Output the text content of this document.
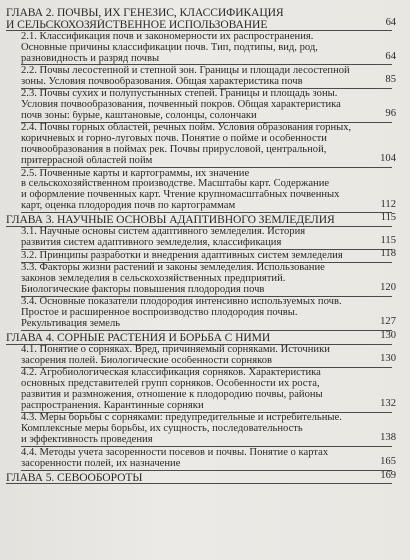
ГЛАВА 2. ПОЧВЫ, ИХ ГЕНЕЗИС, КЛАССИФИКАЦИЯ
И СЕЛЬСКОХОЗЯЙСТВЕННОЕ ИСПОЛЬЗОВАНИЕ	64
2.1. Классификация почв и закономерности их распространения.
Основные причины классификации почв. Тип, подтипы, вид, род,
разновидность и разряд почвы	64
2.2. Почвы лесостепной и степной зон. Границы и площади лесостепной
зоны. Условия почвообразования. Общая характеристика почв	85
2.3. Почвы сухих и полупустынных степей. Границы и площадь зоны.
Условия почвообразования, почвенный покров. Общая характеристика
почв зоны: бурые, каштановые, солонцы, солончаки	96
2.4. Почвы горных областей, речных пойм. Условия образования горных,
коричневых и горно-луговых почв. Понятие о пойме и особенности
почвообразования в поймах рек. Почвы прирусловой, центральной,
притеррасной областей пойм	104
2.5. Почвенные карты и картограммы, их значение
в сельскохозяйственном производстве. Масштабы карт. Содержание
и оформление почвенных карт. Чтение крупномасштабных почвенных
карт, оценка плодородия почв по картограммам	112
ГЛАВА 3. НАУЧНЫЕ ОСНОВЫ АДАПТИВНОГО ЗЕМЛЕДЕЛИЯ	115
3.1. Научные основы систем адаптивного земледелия. История
развития систем адаптивного земледелия, классификация	115
3.2. Принципы разработки и внедрения адаптивных систем земледелия	118
3.3. Факторы жизни растений и законы земледелия. Использование
законов земледелия в сельскохозяйственных предприятий.
Биологические факторы повышения плодородия почв	120
3.4. Основные показатели плодородия интенсивно используемых почв.
Простое и расширенное воспроизводство плодородия почвы.
Рекультивация земель	127
ГЛАВА 4. СОРНЫЕ РАСТЕНИЯ И БОРЬБА С НИМИ	130
4.1. Понятие о сорняках. Вред, причиняемый сорняками. Источники
засорения полей. Биологические особенности сорняков	130
4.2. Агробиологическая классификация сорняков. Характеристика
основных представителей групп сорняков. Особенности их роста,
развития и размножения, отношение к плодородию почвы, районы
распространения. Карантинные сорняки	132
4.3. Меры борьбы с сорняками: предупредительные и истребительные.
Комплексные меры борьбы, их сущность, последовательность
и эффективность проведения	138
4.4. Методы учета засоренности посевов и почвы. Понятие о картах
засоренности полей, их назначение	165
ГЛАВА 5. СЕВООБОРОТЫ	169
